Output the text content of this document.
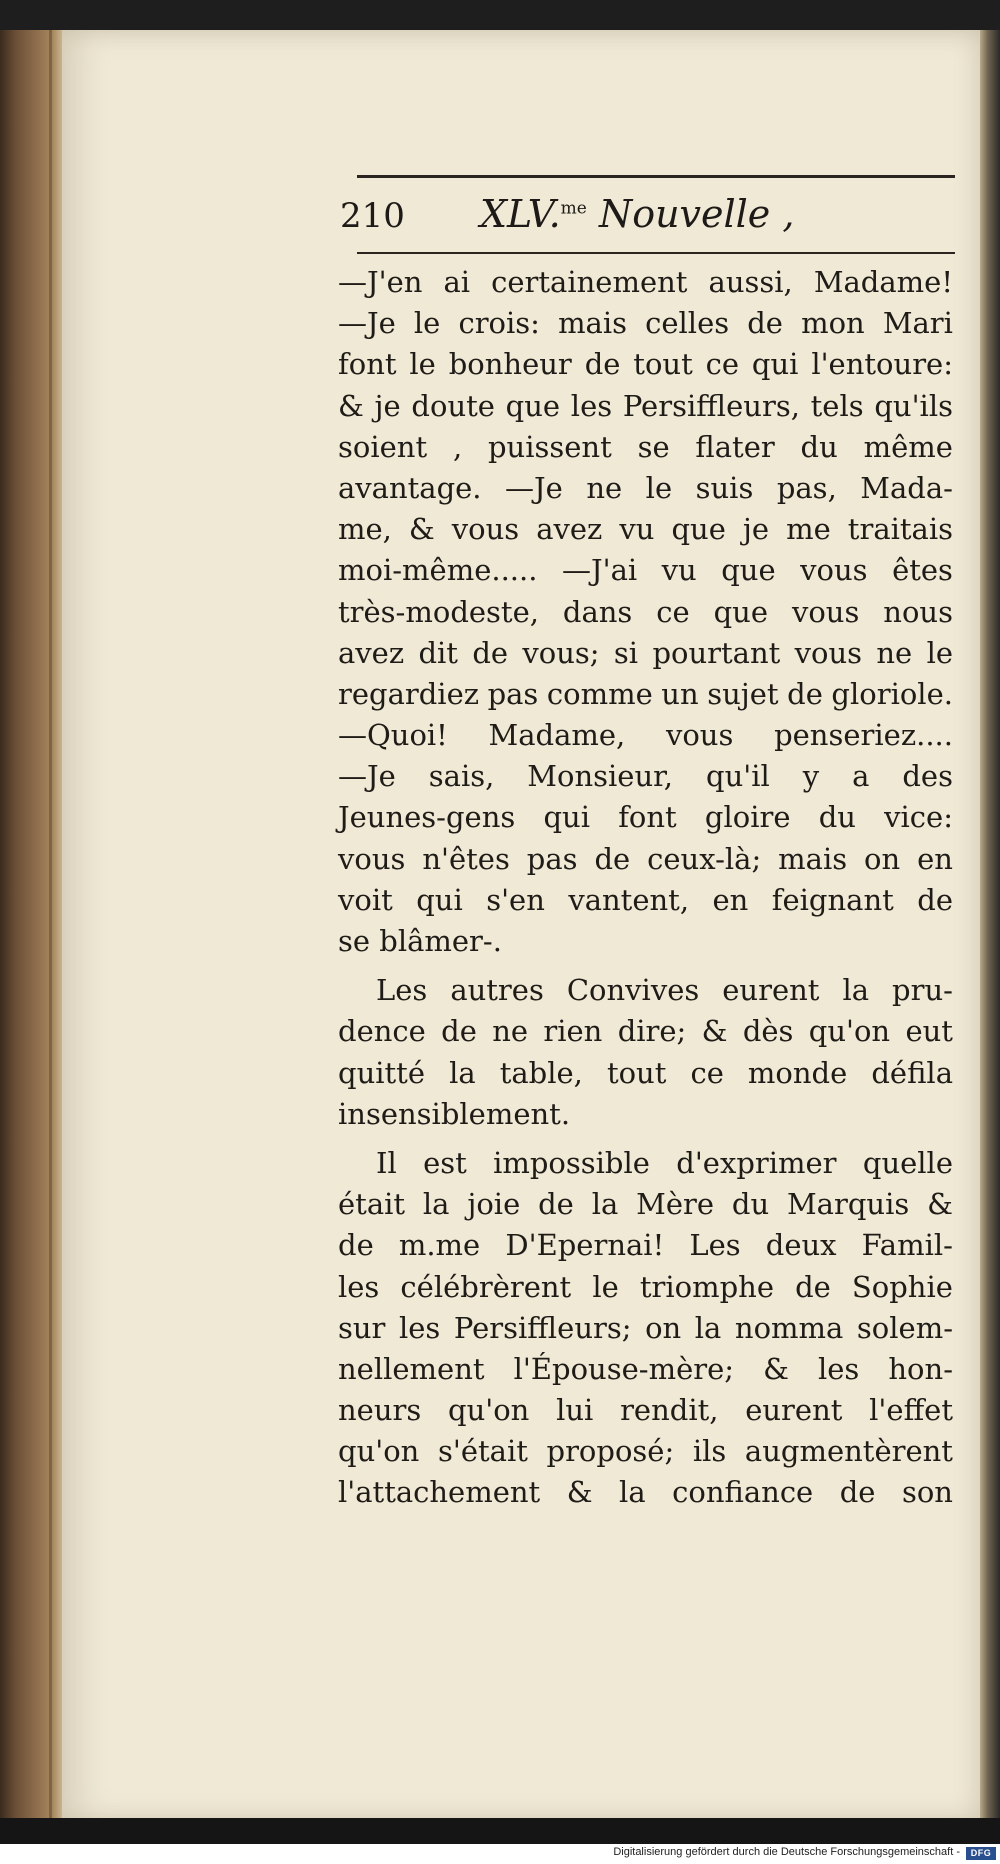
210 XLV.$^{me}$ Nouvelle ,
—J'en ai certainement aussi, Madame!
—Je le crois: mais celles de mon Mari
font le bonheur de tout ce qui l'entoure:
& je doute que les Persiffleurs, tels qu'ils
soient , puissent se flater du même
avantage. —Je ne le suis pas, Mada-
me, & vous avez vu que je me traitais
moi-même..... —J'ai vu que vous êtes
très-modeste, dans ce que vous nous
avez dit de vous; si pourtant vous ne le
regardiez pas comme un sujet de gloriole.
—Quoi! Madame, vous penseriez....
—Je sais, Monsieur, qu'il y a des
Jeunes-gens qui font gloire du vice:
vous n'êtes pas de ceux-là; mais on en
voit qui s'en vantent, en feignant de
se blâmer-.
Les autres Convives eurent la pru-
dence de ne rien dire; & dès qu'on eut
quitté la table, tout ce monde défila
insensiblement.
Il est impossible d'exprimer quelle
était la joie de la Mère du Marquis &
de m.me D'Epernai! Les deux Famil-
les célébrèrent le triomphe de Sophie
sur les Persiffleurs; on la nomma solem-
nellement l'Épouse-mère; & les hon-
neurs qu'on lui rendit, eurent l'effet
qu'on s'était proposé; ils augmentèrent
l'attachement & la confiance de son
Digitalisierung gefördert durch die Deutsche Forschungsgemeinschaft -	DFG
